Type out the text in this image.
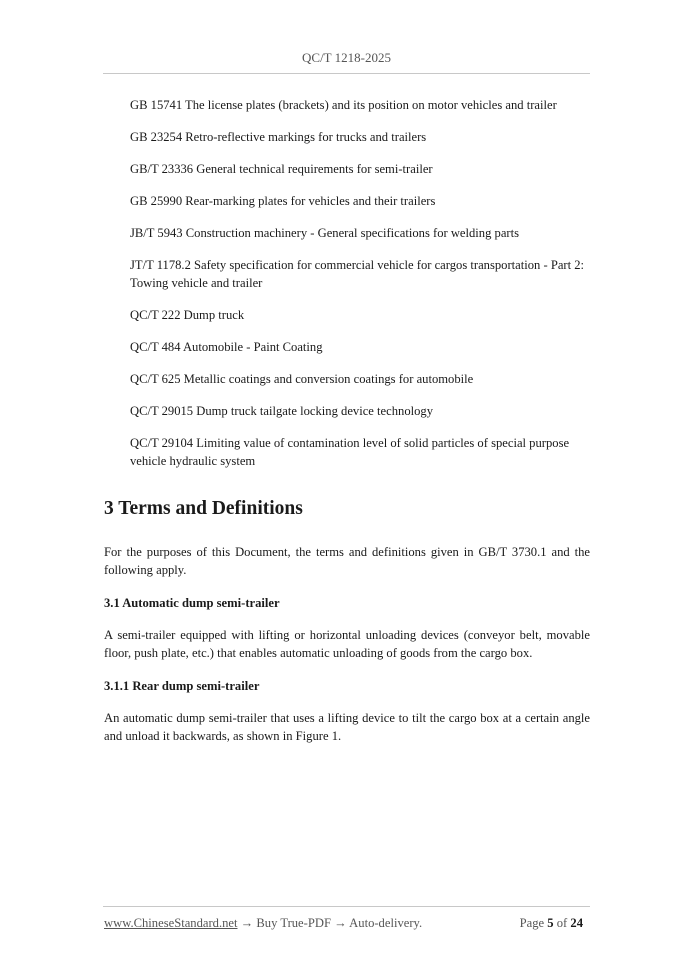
QC/T 1218-2025

GB 15741 The license plates (brackets) and its position on motor vehicles and trailer

GB 23254 Retro-reflective markings for trucks and trailers

GB/T 23336 General technical requirements for semi-trailer

GB 25990 Rear-marking plates for vehicles and their trailers

JB/T 5943 Construction machinery - General specifications for welding parts

JT/T 1178.2 Safety specification for commercial vehicle for cargos transportation - Part 2: Towing vehicle and trailer

QC/T 222 Dump truck

QC/T 484 Automobile - Paint Coating

QC/T 625 Metallic coatings and conversion coatings for automobile

QC/T 29015 Dump truck tailgate locking device technology

QC/T 29104 Limiting value of contamination level of solid particles of special purpose vehicle hydraulic system

3 Terms and Definitions

For the purposes of this Document, the terms and definitions given in GB/T 3730.1 and the following apply.

3.1 Automatic dump semi-trailer

A semi-trailer equipped with lifting or horizontal unloading devices (conveyor belt, movable floor, push plate, etc.) that enables automatic unloading of goods from the cargo box.

3.1.1 Rear dump semi-trailer

An automatic dump semi-trailer that uses a lifting device to tilt the cargo box at a certain angle and unload it backwards, as shown in Figure 1.

www.ChineseStandard.net → Buy True-PDF → Auto-delivery.	Page 5 of 24
